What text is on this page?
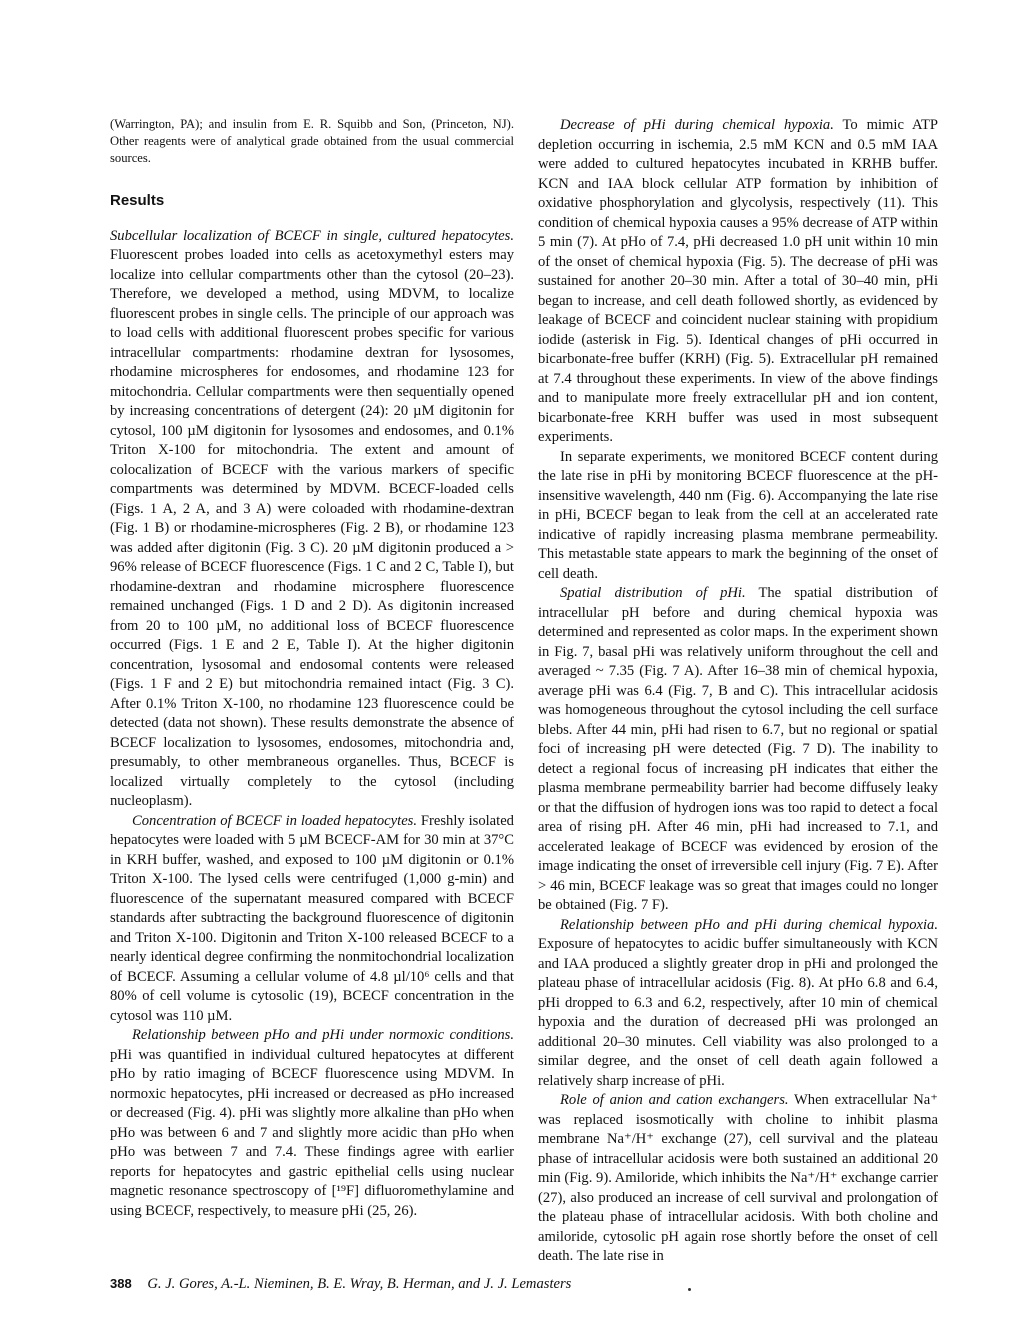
(Warrington, PA); and insulin from E. R. Squibb and Son, (Princeton, NJ). Other reagents were of analytical grade obtained from the usual commercial sources.

Results

Subcellular localization of BCECF in single, cultured hepatocytes. Fluorescent probes loaded into cells as acetoxymethyl esters may localize into cellular compartments other than the cytosol (20–23). Therefore, we developed a method, using MDVM, to localize fluorescent probes in single cells. The principle of our approach was to load cells with additional fluorescent probes specific for various intracellular compartments: rhodamine dextran for lysosomes, rhodamine microspheres for endosomes, and rhodamine 123 for mitochondria. Cellular compartments were then sequentially opened by increasing concentrations of detergent (24): 20 µM digitonin for cytosol, 100 µM digitonin for lysosomes and endosomes, and 0.1% Triton X-100 for mitochondria. The extent and amount of colocalization of BCECF with the various markers of specific compartments was determined by MDVM. BCECF-loaded cells (Figs. 1 A, 2 A, and 3 A) were coloaded with rhodamine-dextran (Fig. 1 B) or rhodamine-microspheres (Fig. 2 B), or rhodamine 123 was added after digitonin (Fig. 3 C). 20 µM digitonin produced a > 96% release of BCECF fluorescence (Figs. 1 C and 2 C, Table I), but rhodamine-dextran and rhodamine microsphere fluorescence remained unchanged (Figs. 1 D and 2 D). As digitonin increased from 20 to 100 µM, no additional loss of BCECF fluorescence occurred (Figs. 1 E and 2 E, Table I). At the higher digitonin concentration, lysosomal and endosomal contents were released (Figs. 1 F and 2 E) but mitochondria remained intact (Fig. 3 C). After 0.1% Triton X-100, no rhodamine 123 fluorescence could be detected (data not shown). These results demonstrate the absence of BCECF localization to lysosomes, endosomes, mitochondria and, presumably, to other membraneous organelles. Thus, BCECF is localized virtually completely to the cytosol (including nucleoplasm).

Concentration of BCECF in loaded hepatocytes. Freshly isolated hepatocytes were loaded with 5 µM BCECF-AM for 30 min at 37°C in KRH buffer, washed, and exposed to 100 µM digitonin or 0.1% Triton X-100. The lysed cells were centrifuged (1,000 g-min) and fluorescence of the supernatant measured compared with BCECF standards after subtracting the background fluorescence of digitonin and Triton X-100. Digitonin and Triton X-100 released BCECF to a nearly identical degree confirming the nonmitochondrial localization of BCECF. Assuming a cellular volume of 4.8 µl/10⁶ cells and that 80% of cell volume is cytosolic (19), BCECF concentration in the cytosol was 110 µM.

Relationship between pHo and pHi under normoxic conditions. pHi was quantified in individual cultured hepatocytes at different pHo by ratio imaging of BCECF fluorescence using MDVM. In normoxic hepatocytes, pHi increased or decreased as pHo increased or decreased (Fig. 4). pHi was slightly more alkaline than pHo when pHo was between 6 and 7 and slightly more acidic than pHo when pHo was between 7 and 7.4. These findings agree with earlier reports for hepatocytes and gastric epithelial cells using nuclear magnetic resonance spectroscopy of [¹⁹F] difluoromethylamine and using BCECF, respectively, to measure pHi (25, 26).

Decrease of pHi during chemical hypoxia. To mimic ATP depletion occurring in ischemia, 2.5 mM KCN and 0.5 mM IAA were added to cultured hepatocytes incubated in KRHB buffer. KCN and IAA block cellular ATP formation by inhibition of oxidative phosphorylation and glycolysis, respectively (11). This condition of chemical hypoxia causes a 95% decrease of ATP within 5 min (7). At pHo of 7.4, pHi decreased 1.0 pH unit within 10 min of the onset of chemical hypoxia (Fig. 5). The decrease of pHi was sustained for another 20–30 min. After a total of 30–40 min, pHi began to increase, and cell death followed shortly, as evidenced by leakage of BCECF and coincident nuclear staining with propidium iodide (asterisk in Fig. 5). Identical changes of pHi occurred in bicarbonate-free buffer (KRH) (Fig. 5). Extracellular pH remained at 7.4 throughout these experiments. In view of the above findings and to manipulate more freely extracellular pH and ion content, bicarbonate-free KRH buffer was used in most subsequent experiments.

In separate experiments, we monitored BCECF content during the late rise in pHi by monitoring BCECF fluorescence at the pH-insensitive wavelength, 440 nm (Fig. 6). Accompanying the late rise in pHi, BCECF began to leak from the cell at an accelerated rate indicative of rapidly increasing plasma membrane permeability. This metastable state appears to mark the beginning of the onset of cell death.

Spatial distribution of pHi. The spatial distribution of intracellular pH before and during chemical hypoxia was determined and represented as color maps. In the experiment shown in Fig. 7, basal pHi was relatively uniform throughout the cell and averaged ~ 7.35 (Fig. 7 A). After 16–38 min of chemical hypoxia, average pHi was 6.4 (Fig. 7, B and C). This intracellular acidosis was homogeneous throughout the cytosol including the cell surface blebs. After 44 min, pHi had risen to 6.7, but no regional or spatial foci of increasing pH were detected (Fig. 7 D). The inability to detect a regional focus of increasing pH indicates that either the plasma membrane permeability barrier had become diffusely leaky or that the diffusion of hydrogen ions was too rapid to detect a focal area of rising pH. After 46 min, pHi had increased to 7.1, and accelerated leakage of BCECF was evidenced by erosion of the image indicating the onset of irreversible cell injury (Fig. 7 E). After > 46 min, BCECF leakage was so great that images could no longer be obtained (Fig. 7 F).

Relationship between pHo and pHi during chemical hypoxia. Exposure of hepatocytes to acidic buffer simultaneously with KCN and IAA produced a slightly greater drop in pHi and prolonged the plateau phase of intracellular acidosis (Fig. 8). At pHo 6.8 and 6.4, pHi dropped to 6.3 and 6.2, respectively, after 10 min of chemical hypoxia and the duration of decreased pHi was prolonged an additional 20–30 minutes. Cell viability was also prolonged to a similar degree, and the onset of cell death again followed a relatively sharp increase of pHi.

Role of anion and cation exchangers. When extracellular Na⁺ was replaced isosmotically with choline to inhibit plasma membrane Na⁺/H⁺ exchange (27), cell survival and the plateau phase of intracellular acidosis were both sustained an additional 20 min (Fig. 9). Amiloride, which inhibits the Na⁺/H⁺ exchange carrier (27), also produced an increase of cell survival and prolongation of the plateau phase of intracellular acidosis. With both choline and amiloride, cytosolic pH again rose shortly before the onset of cell death. The late rise in

388 G. J. Gores, A.-L. Nieminen, B. E. Wray, B. Herman, and J. J. Lemasters
